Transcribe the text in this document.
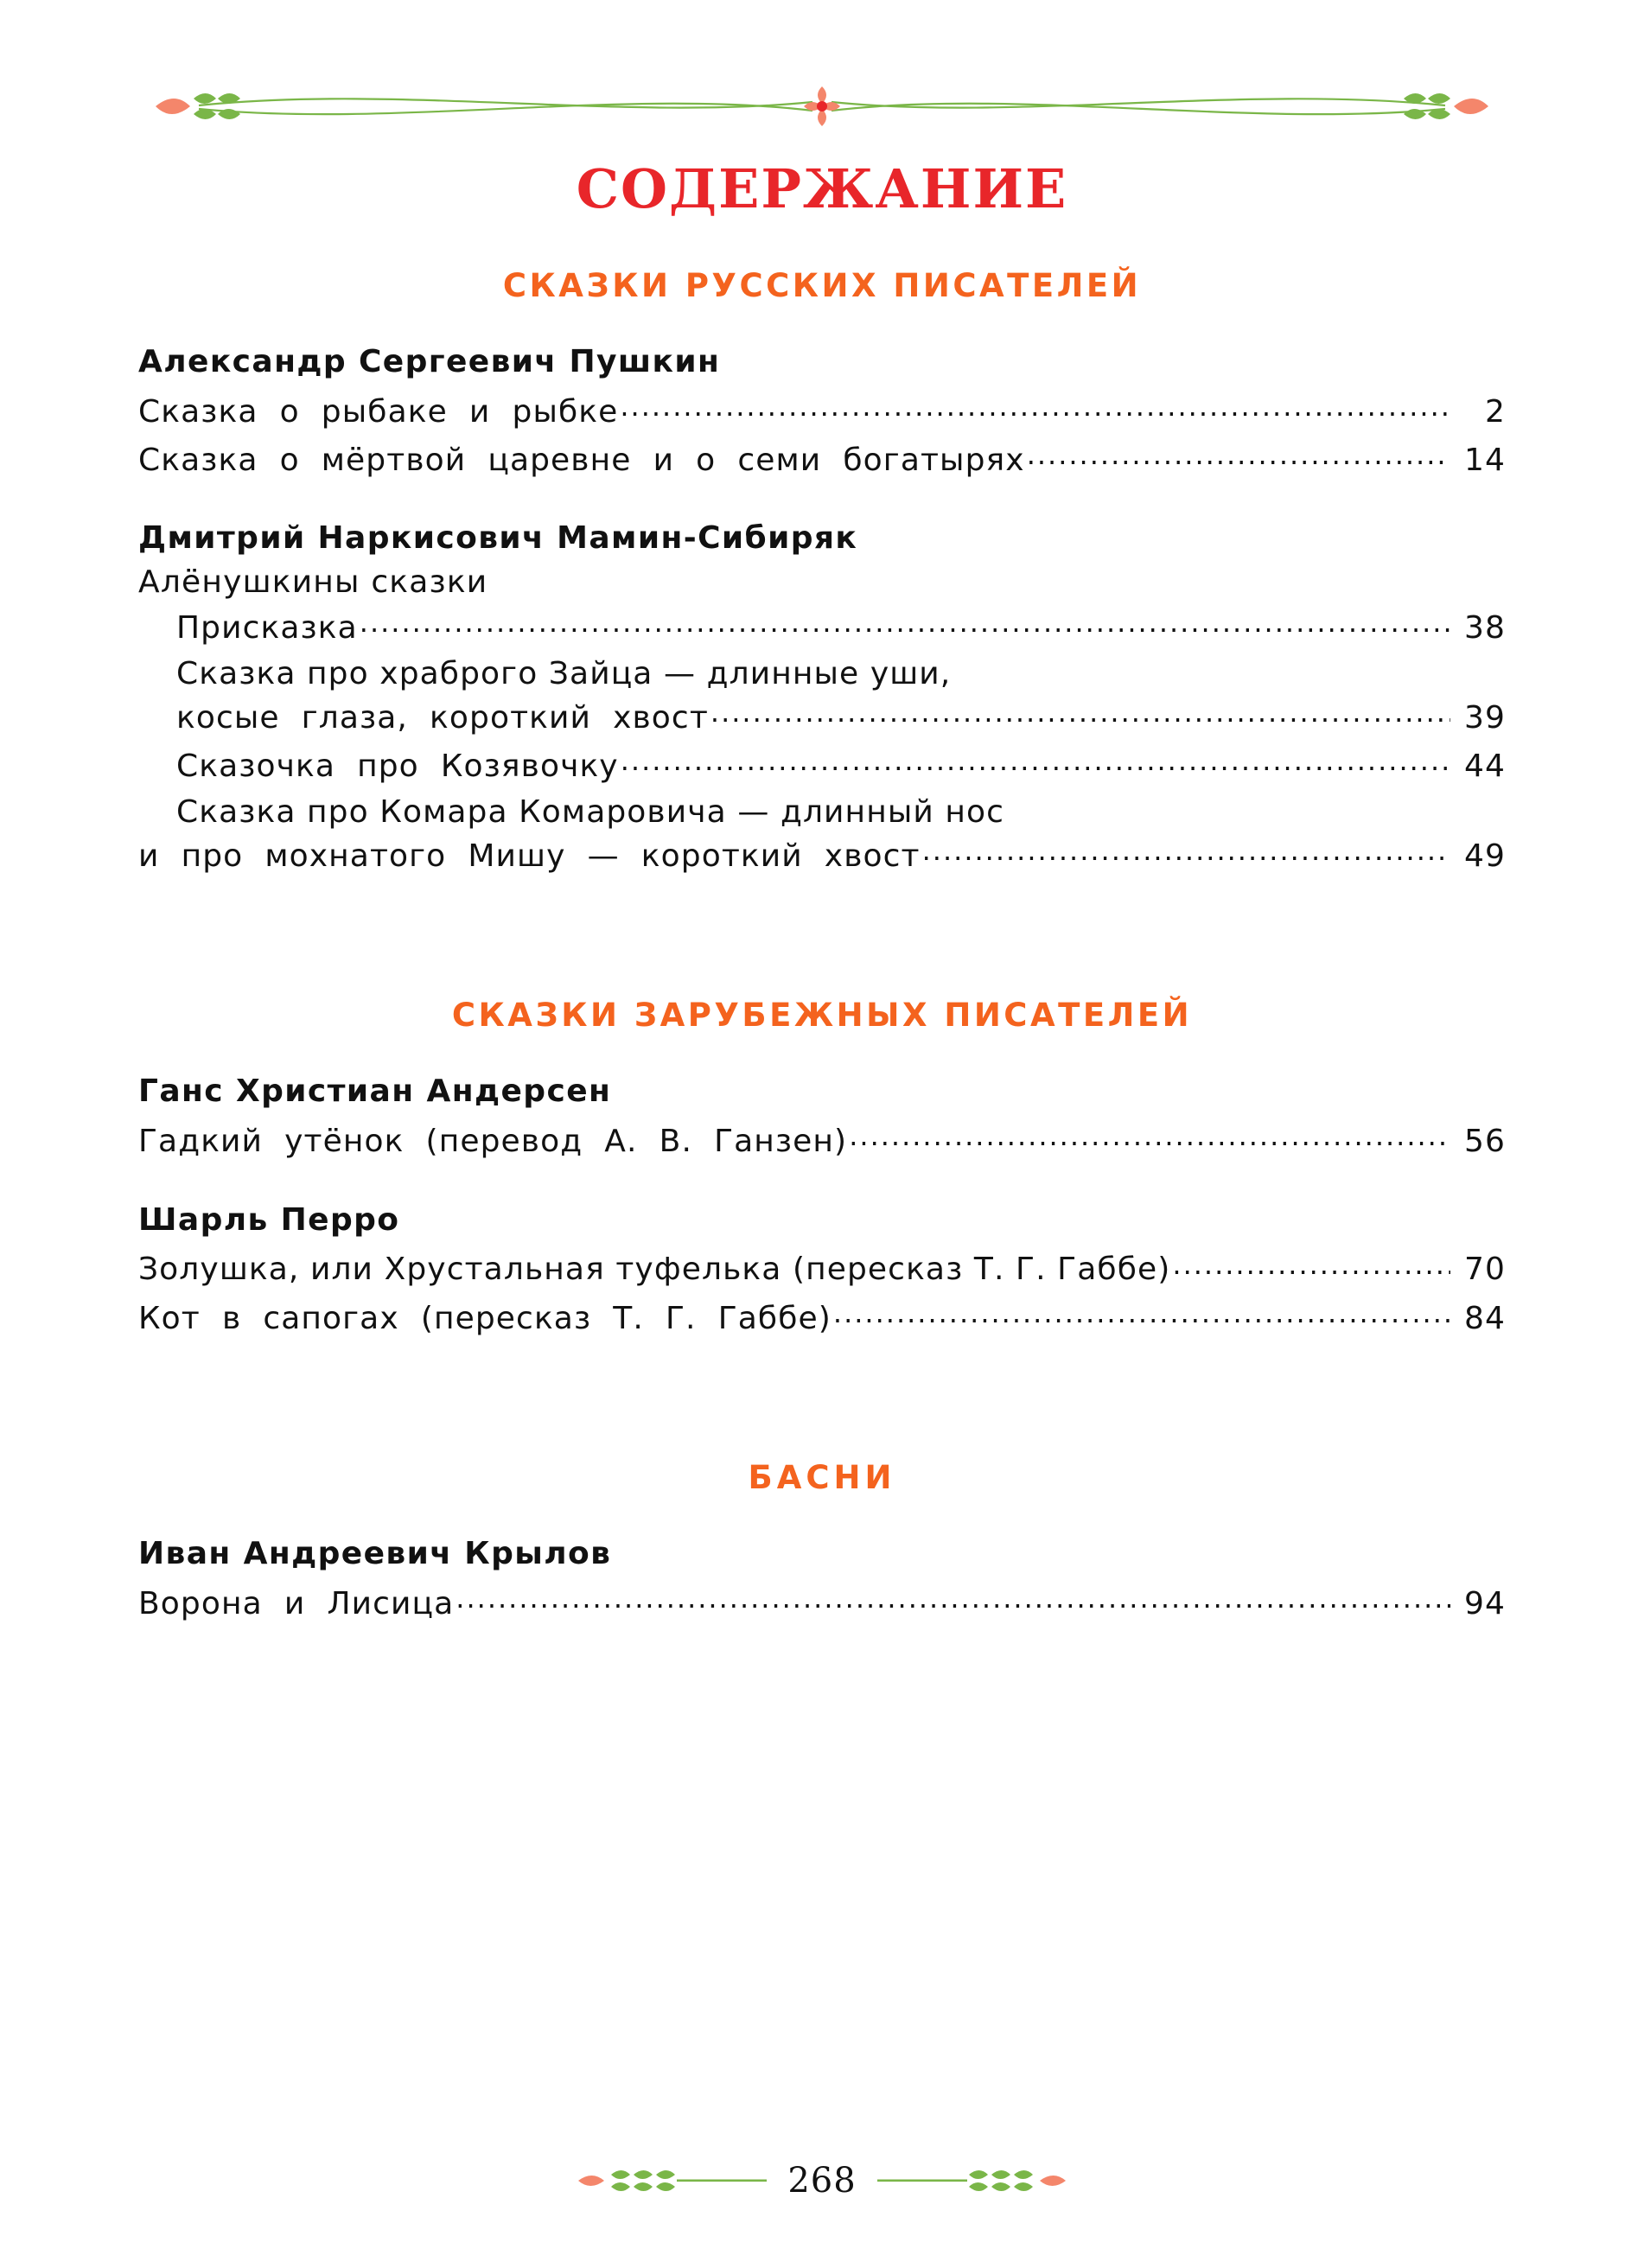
СОДЕРЖАНИЕ
СКАЗКИ РУССКИХ ПИСАТЕЛЕЙ
Александр Сергеевич Пушкин
Сказка  о  рыбаке  и  рыбке .....	2
Сказка  о  мёртвой  царевне  и  о  семи  богатырях .....	14
Дмитрий Наркисович Мамин-Сибиряк
Алёнушкины сказки
Присказка .....	38
Сказка про храброго Зайца — длинные уши,
косые  глаза,  короткий  хвост .....	39
Сказочка  про  Козявочку .....	44
Сказка про Комара Комаровича — длинный нос
и  про  мохнатого  Мишу  —  короткий  хвост .....	49
СКАЗКИ ЗАРУБЕЖНЫХ ПИСАТЕЛЕЙ
Ганс Христиан Андерсен
Гадкий  утёнок  (перевод  А.  В.  Ганзен) .....	56
Шарль Перро
Золушка, или Хрустальная туфелька (пересказ Т. Г. Габбе) .....	70
Кот  в  сапогах  (пересказ  Т.  Г.  Габбе) .....	84
БАСНИ
Иван Андреевич Крылов
Ворона  и  Лисица .....	94
268
